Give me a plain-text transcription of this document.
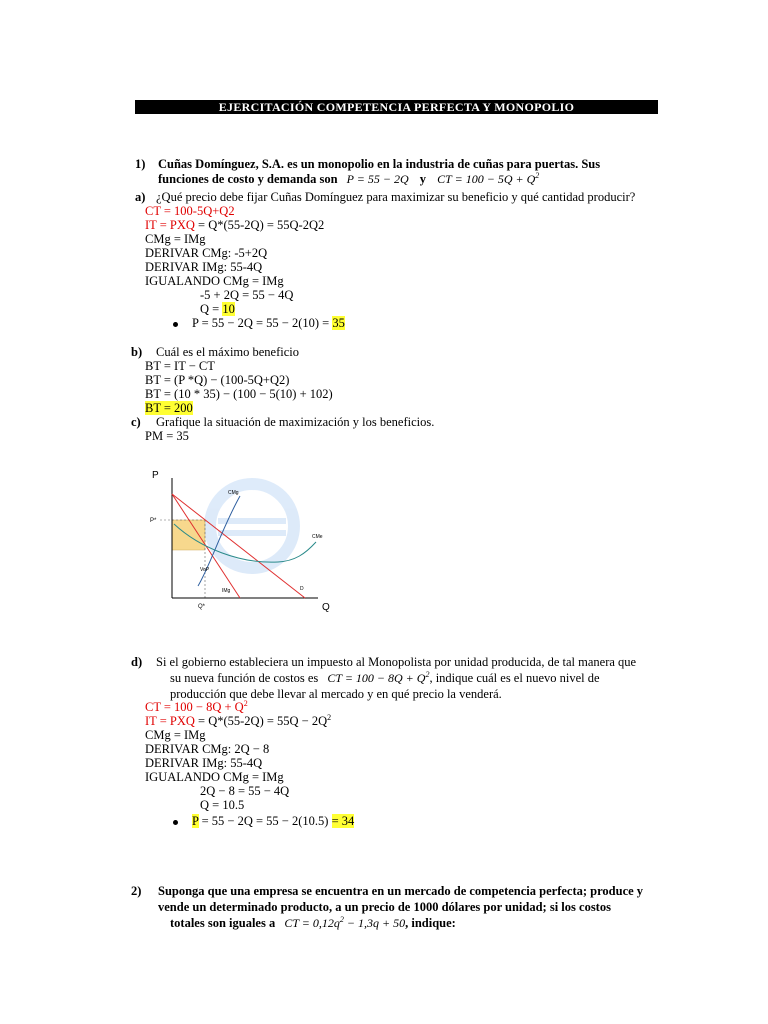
EJERCITACIÓN COMPETENCIA PERFECTA Y MONOPOLIO
1) Cuñas Domínguez, S.A. es un monopolio en la industria de cuñas para puertas. Sus
funciones de costo y demanda son P = 55 − 2Q y CT = $100 - 5Q + Q^2$
a) ¿Qué precio debe fijar Cuñas Domínguez para maximizar su beneficio y qué cantidad producir?
CT = 100-5Q+Q2
IT = PXQ = Q*(55-2Q) = 55Q-2Q2
CMg = IMg
DERIVAR CMg: -5+2Q
DERIVAR IMg: 55-4Q
IGUALANDO CMg = IMg
-5 + 2Q = 55 − 4Q
Q = 10
P = 55 − 2Q = 55 − 2(10) = 35
b) Cuál es el máximo beneficio
BT = IT − CT
BT = (P *Q) − (100-5Q+Q2)
BT = (10 * 35) − (100 − 5(10) + 102)
BT = 200
c) Grafique la situación de maximización y los beneficios.
PM = 35
P
Q
P*
Q*
CMg
CMe
IMg	D
VoP
d) Si el gobierno estableciera un impuesto al Monopolista por unidad producida, de tal manera que
su nueva función de costos es CT = $100 - 8Q + Q^2$, indique cuál es el nuevo nivel de
producción que debe llevar al mercado y en qué precio la venderá.
CT = $100 - 8Q + Q^2$
IT = PXQ = $Q*(55-2Q) = 55Q - 2Q^2$
CMg = IMg
DERIVAR CMg: 2Q − 8
DERIVAR IMg: 55-4Q
IGUALANDO CMg = IMg
2Q − 8 = 55 − 4Q
Q = 10.5
P = 55 − 2Q = 55 − 2(10.5) = 34
2) Suponga que una empresa se encuentra en un mercado de competencia perfecta; produce y
vende un determinado producto, a un precio de 1000 dólares por unidad; si los costos
totales son iguales a CT = $0,12q^2 - 1,3q + 50$, indique:
